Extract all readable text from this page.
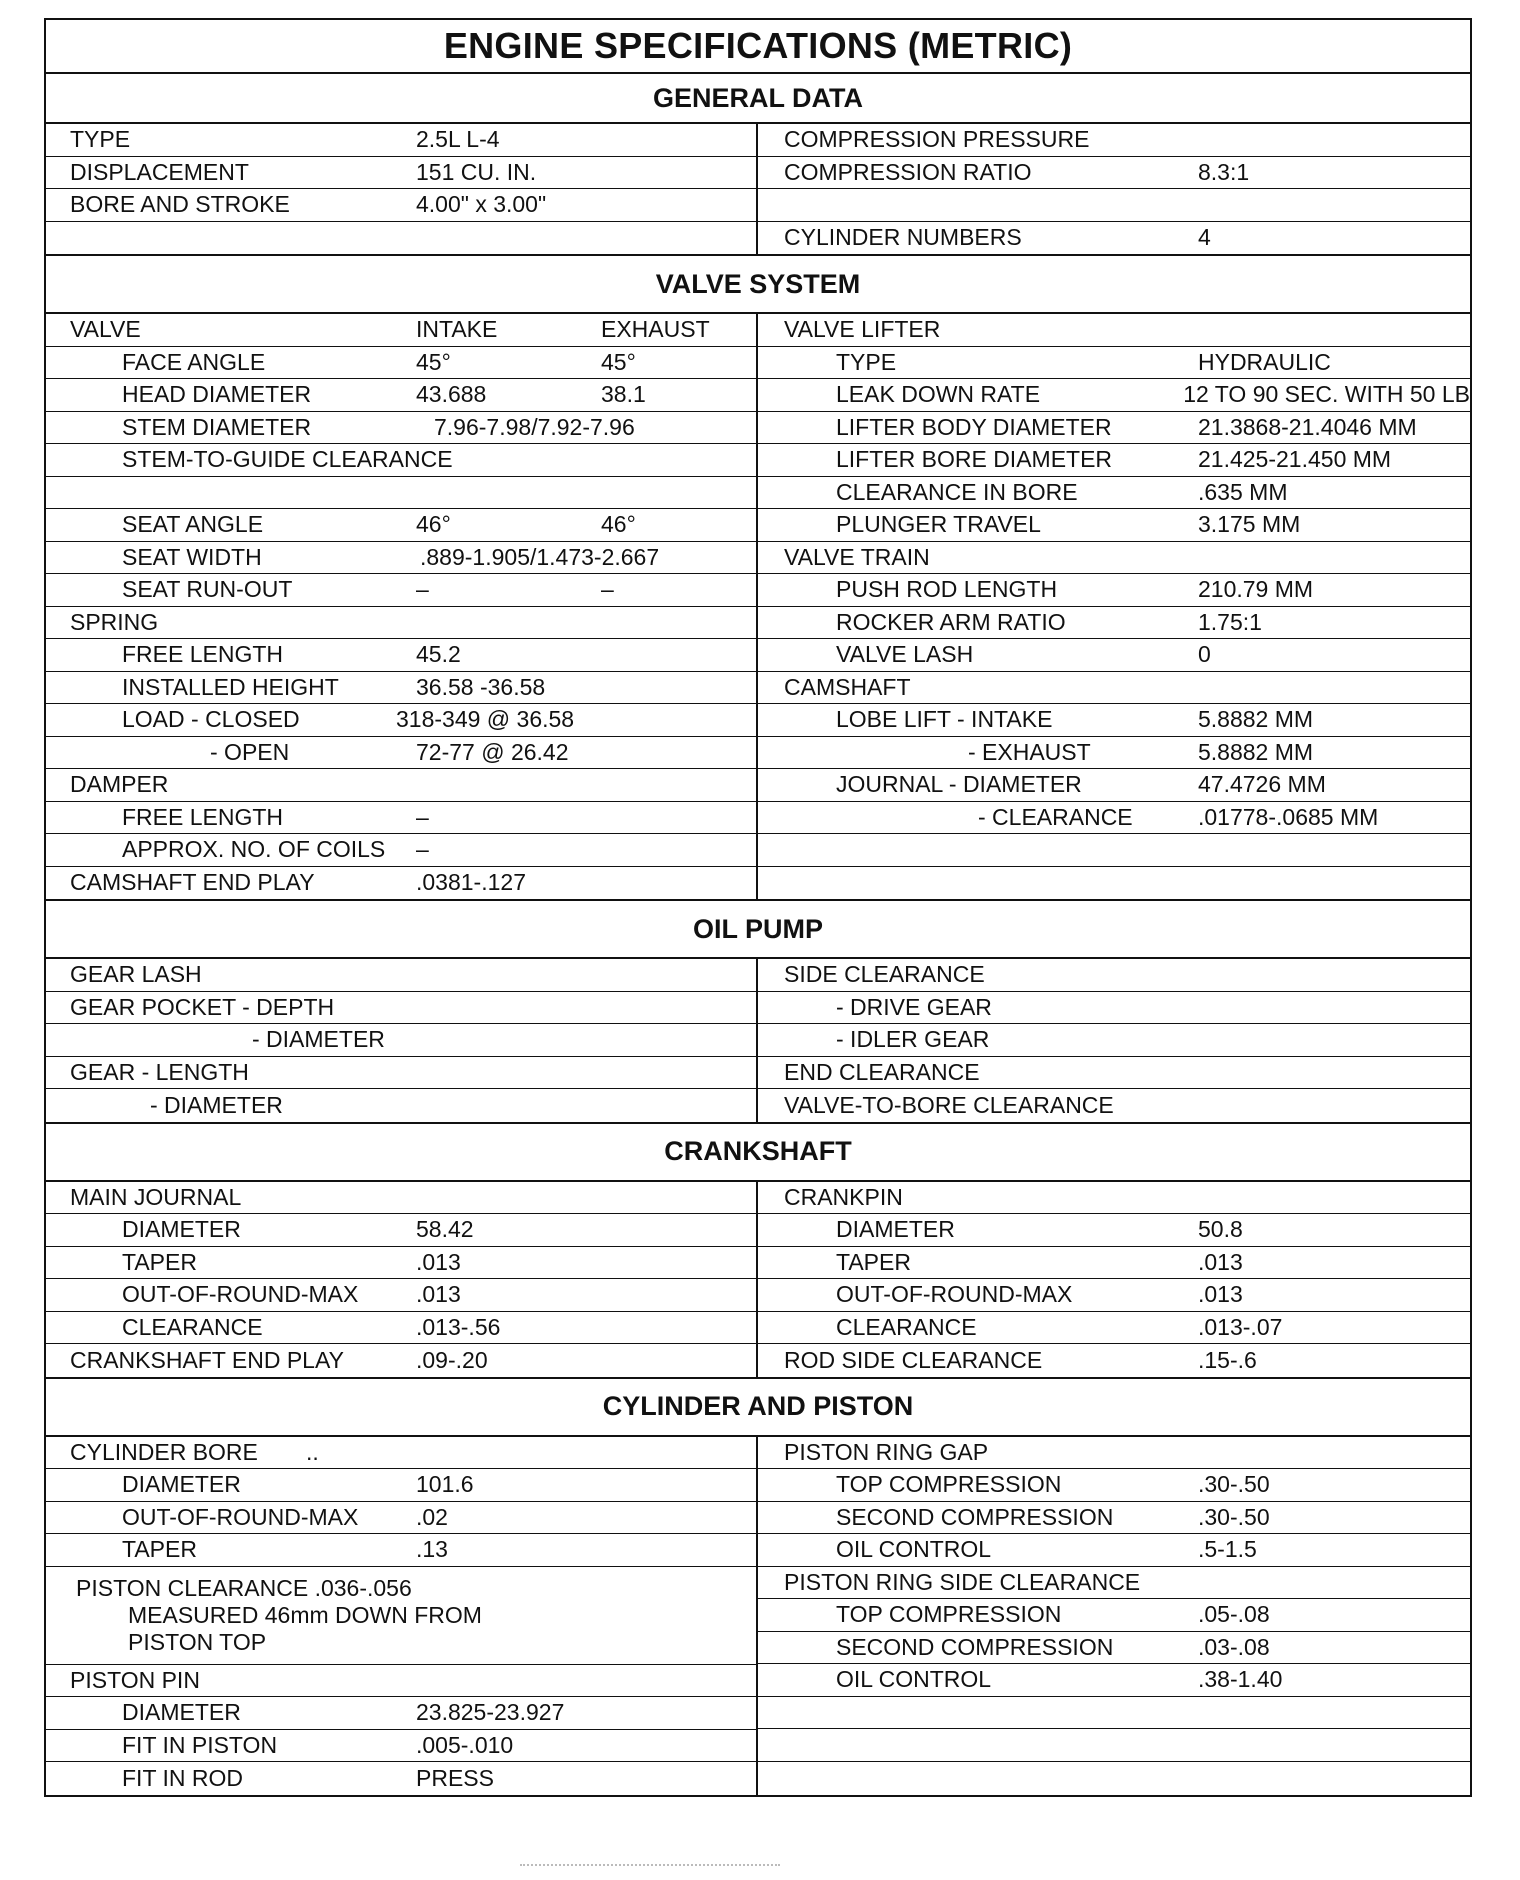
ENGINE SPECIFICATIONS (METRIC)
GENERAL DATA
TYPE	2.5L L-4
DISPLACEMENT	151 CU. IN.
BORE AND STROKE	4.00" x 3.00"
COMPRESSION PRESSURE
COMPRESSION RATIO	8.3:1
CYLINDER NUMBERS	4
VALVE SYSTEM
VALVE	INTAKE	EXHAUST
FACE ANGLE	45°	45°
HEAD DIAMETER	43.688	38.1
STEM DIAMETER	7.96-7.98/7.92-7.96
STEM-TO-GUIDE CLEARANCE
SEAT ANGLE	46°	46°
SEAT WIDTH	.889-1.905/1.473-2.667
SEAT RUN-OUT	–	–
SPRING
FREE LENGTH	45.2
INSTALLED HEIGHT	36.58 -36.58
LOAD - CLOSED	318-349 @ 36.58
- OPEN	72-77 @ 26.42
DAMPER
FREE LENGTH	–
APPROX. NO. OF COILS	–
CAMSHAFT END PLAY	.0381-.127
VALVE LIFTER
TYPE	HYDRAULIC
LEAK DOWN RATE	12 TO 90 SEC. WITH 50 LB
LIFTER BODY DIAMETER	21.3868-21.4046 MM
LIFTER BORE DIAMETER	21.425-21.450 MM
CLEARANCE IN BORE	.635 MM
PLUNGER TRAVEL	3.175 MM
VALVE TRAIN
PUSH ROD LENGTH	210.79 MM
ROCKER ARM RATIO	1.75:1
VALVE LASH	0
CAMSHAFT
LOBE LIFT - INTAKE	5.8882 MM
- EXHAUST	5.8882 MM
JOURNAL - DIAMETER	47.4726 MM
- CLEARANCE	.01778-.0685 MM
OIL PUMP
GEAR LASH
GEAR POCKET - DEPTH
- DIAMETER
GEAR - LENGTH
- DIAMETER
SIDE CLEARANCE
- DRIVE GEAR
- IDLER GEAR
END CLEARANCE
VALVE-TO-BORE CLEARANCE
CRANKSHAFT
MAIN JOURNAL
DIAMETER	58.42
TAPER	.013
OUT-OF-ROUND-MAX	.013
CLEARANCE	.013-.56
CRANKSHAFT END PLAY	.09-.20
CRANKPIN
DIAMETER	50.8
TAPER	.013
OUT-OF-ROUND-MAX	.013
CLEARANCE	.013-.07
ROD SIDE CLEARANCE	.15-.6
CYLINDER AND PISTON
CYLINDER BORE	..
DIAMETER	101.6
OUT-OF-ROUND-MAX	.02
TAPER	.13
PISTON CLEARANCE .036-.056
MEASURED 46mm DOWN FROM
PISTON TOP
PISTON PIN
DIAMETER	23.825-23.927
FIT IN PISTON	.005-.010
FIT IN ROD	PRESS
PISTON RING GAP
TOP COMPRESSION	.30-.50
SECOND COMPRESSION	.30-.50
OIL CONTROL	.5-1.5
PISTON RING SIDE CLEARANCE
TOP COMPRESSION	.05-.08
SECOND COMPRESSION	.03-.08
OIL CONTROL	.38-1.40
